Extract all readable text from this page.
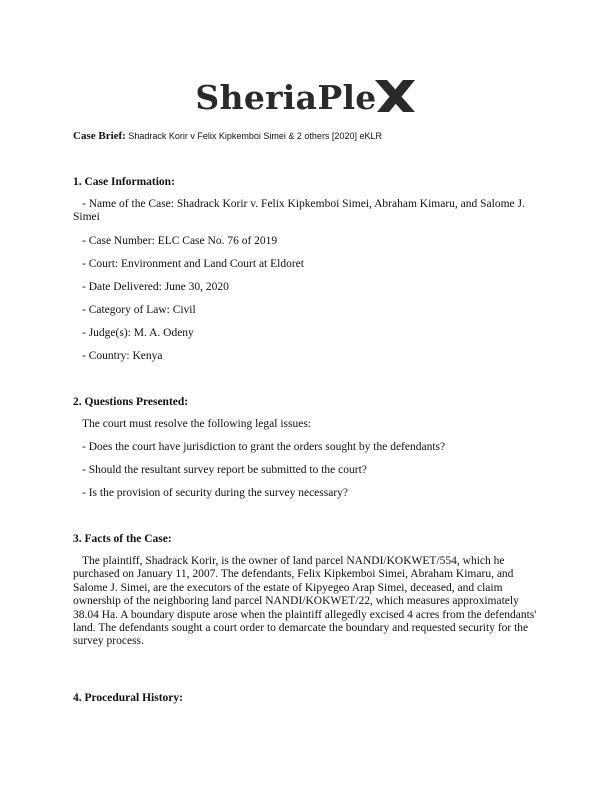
SheriaPle
Case Brief: Shadrack Korir v Felix Kipkemboi Simei & 2 others [2020] eKLR
1. Case Information:
- Name of the Case: Shadrack Korir v. Felix Kipkemboi Simei, Abraham Kimaru, and Salome J. Simei
- Case Number: ELC Case No. 76 of 2019
- Court: Environment and Land Court at Eldoret
- Date Delivered: June 30, 2020
- Category of Law: Civil
- Judge(s): M. A. Odeny
- Country: Kenya
2. Questions Presented:
The court must resolve the following legal issues:
- Does the court have jurisdiction to grant the orders sought by the defendants?
- Should the resultant survey report be submitted to the court?
- Is the provision of security during the survey necessary?
3. Facts of the Case:
The plaintiff, Shadrack Korir, is the owner of land parcel NANDI/KOKWET/554, which he purchased on January 11, 2007. The defendants, Felix Kipkemboi Simei, Abraham Kimaru, and Salome J. Simei, are the executors of the estate of Kipyegeo Arap Simei, deceased, and claim ownership of the neighboring land parcel NANDI/KOKWET/22, which measures approximately 38.04 Ha. A boundary dispute arose when the plaintiff allegedly excised 4 acres from the defendants' land. The defendants sought a court order to demarcate the boundary and requested security for the survey process.
4. Procedural History:
